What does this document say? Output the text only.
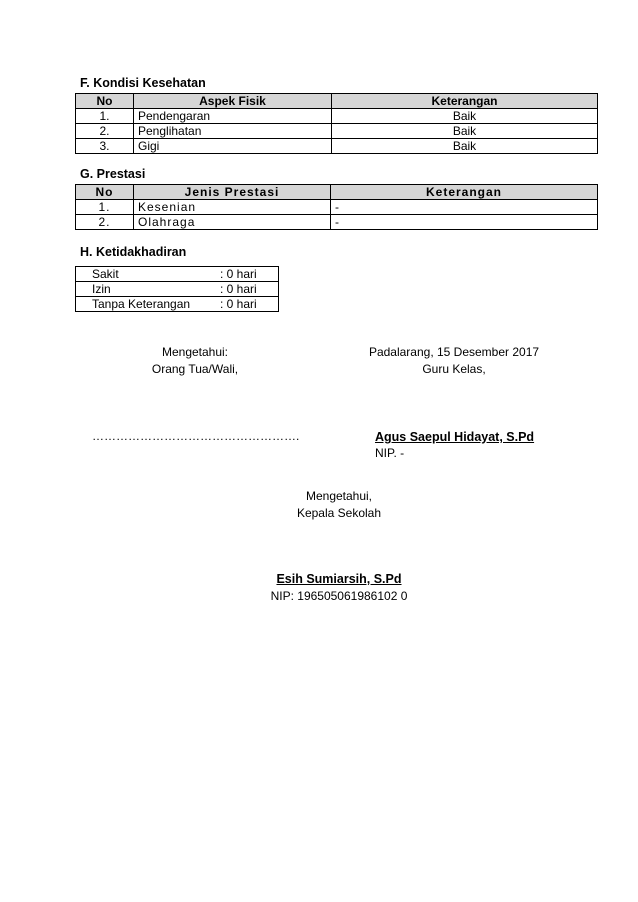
F. Kondisi Kesehatan
No	Aspek Fisik	Keterangan
1.	Pendengaran	Baik
2.	Penglihatan	Baik
3.	Gigi	Baik
G. Prestasi
No	Jenis Prestasi	Keterangan
1.	Kesenian	-
2.	Olahraga	-
H. Ketidakhadiran
Sakit	: 0 hari
Izin	: 0 hari
Tanpa Keterangan	: 0 hari
Mengetahui:
Orang Tua/Wali,
…………………………………………….
Padalarang, 15 Desember 2017
Guru Kelas,
Agus Saepul Hidayat, S.Pd
NIP. -
Mengetahui,
Kepala Sekolah
Esih Sumiarsih, S.Pd
NIP: 196505061986102 0
